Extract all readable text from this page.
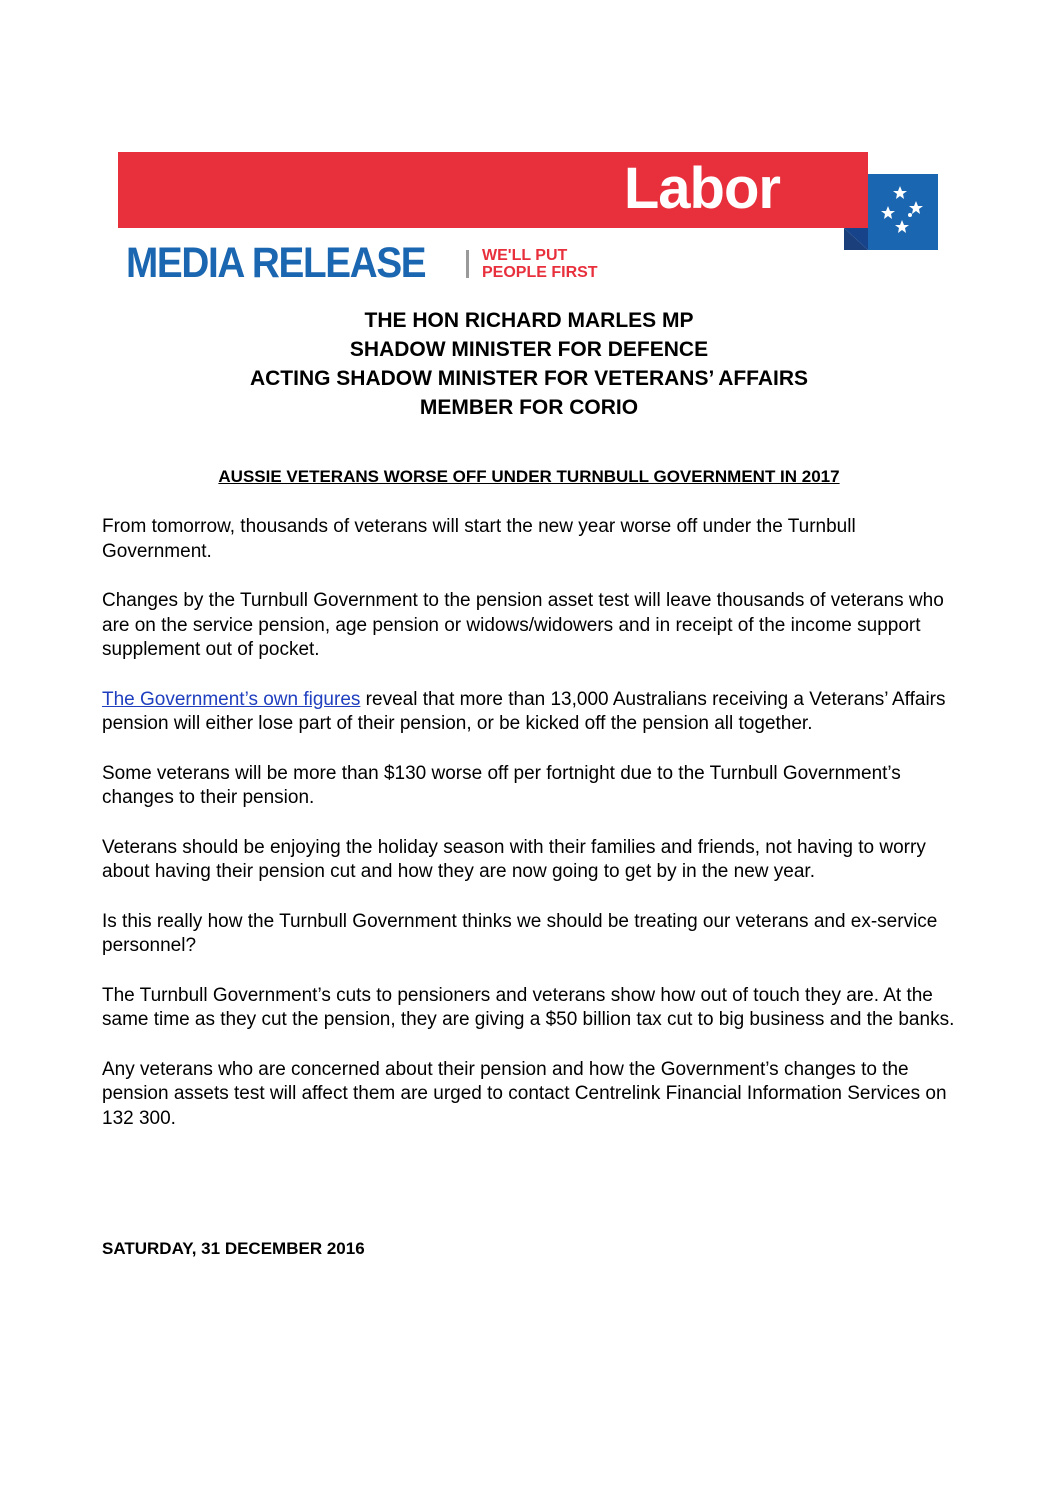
Labor
MEDIA RELEASE	WE'LL PUT
PEOPLE FIRST
THE HON RICHARD MARLES MP
SHADOW MINISTER FOR DEFENCE
ACTING SHADOW MINISTER FOR VETERANS’ AFFAIRS
MEMBER FOR CORIO
AUSSIE VETERANS WORSE OFF UNDER TURNBULL GOVERNMENT IN 2017

From tomorrow, thousands of veterans will start the new year worse off under the Turnbull Government.

Changes by the Turnbull Government to the pension asset test will leave thousands of veterans who are on the service pension, age pension or widows/widowers and in receipt of the income support supplement out of pocket.

The Government’s own figures reveal that more than 13,000 Australians receiving a Veterans’ Affairs pension will either lose part of their pension, or be kicked off the pension all together.

Some veterans will be more than $130 worse off per fortnight due to the Turnbull Government’s changes to their pension.

Veterans should be enjoying the holiday season with their families and friends, not having to worry about having their pension cut and how they are now going to get by in the new year.

Is this really how the Turnbull Government thinks we should be treating our veterans and ex-service personnel?

The Turnbull Government’s cuts to pensioners and veterans show how out of touch they are. At the same time as they cut the pension, they are giving a $50 billion tax cut to big business and the banks.

Any veterans who are concerned about their pension and how the Government’s changes to the pension assets test will affect them are urged to contact Centrelink Financial Information Services on 132 300.

SATURDAY, 31 DECEMBER 2016
